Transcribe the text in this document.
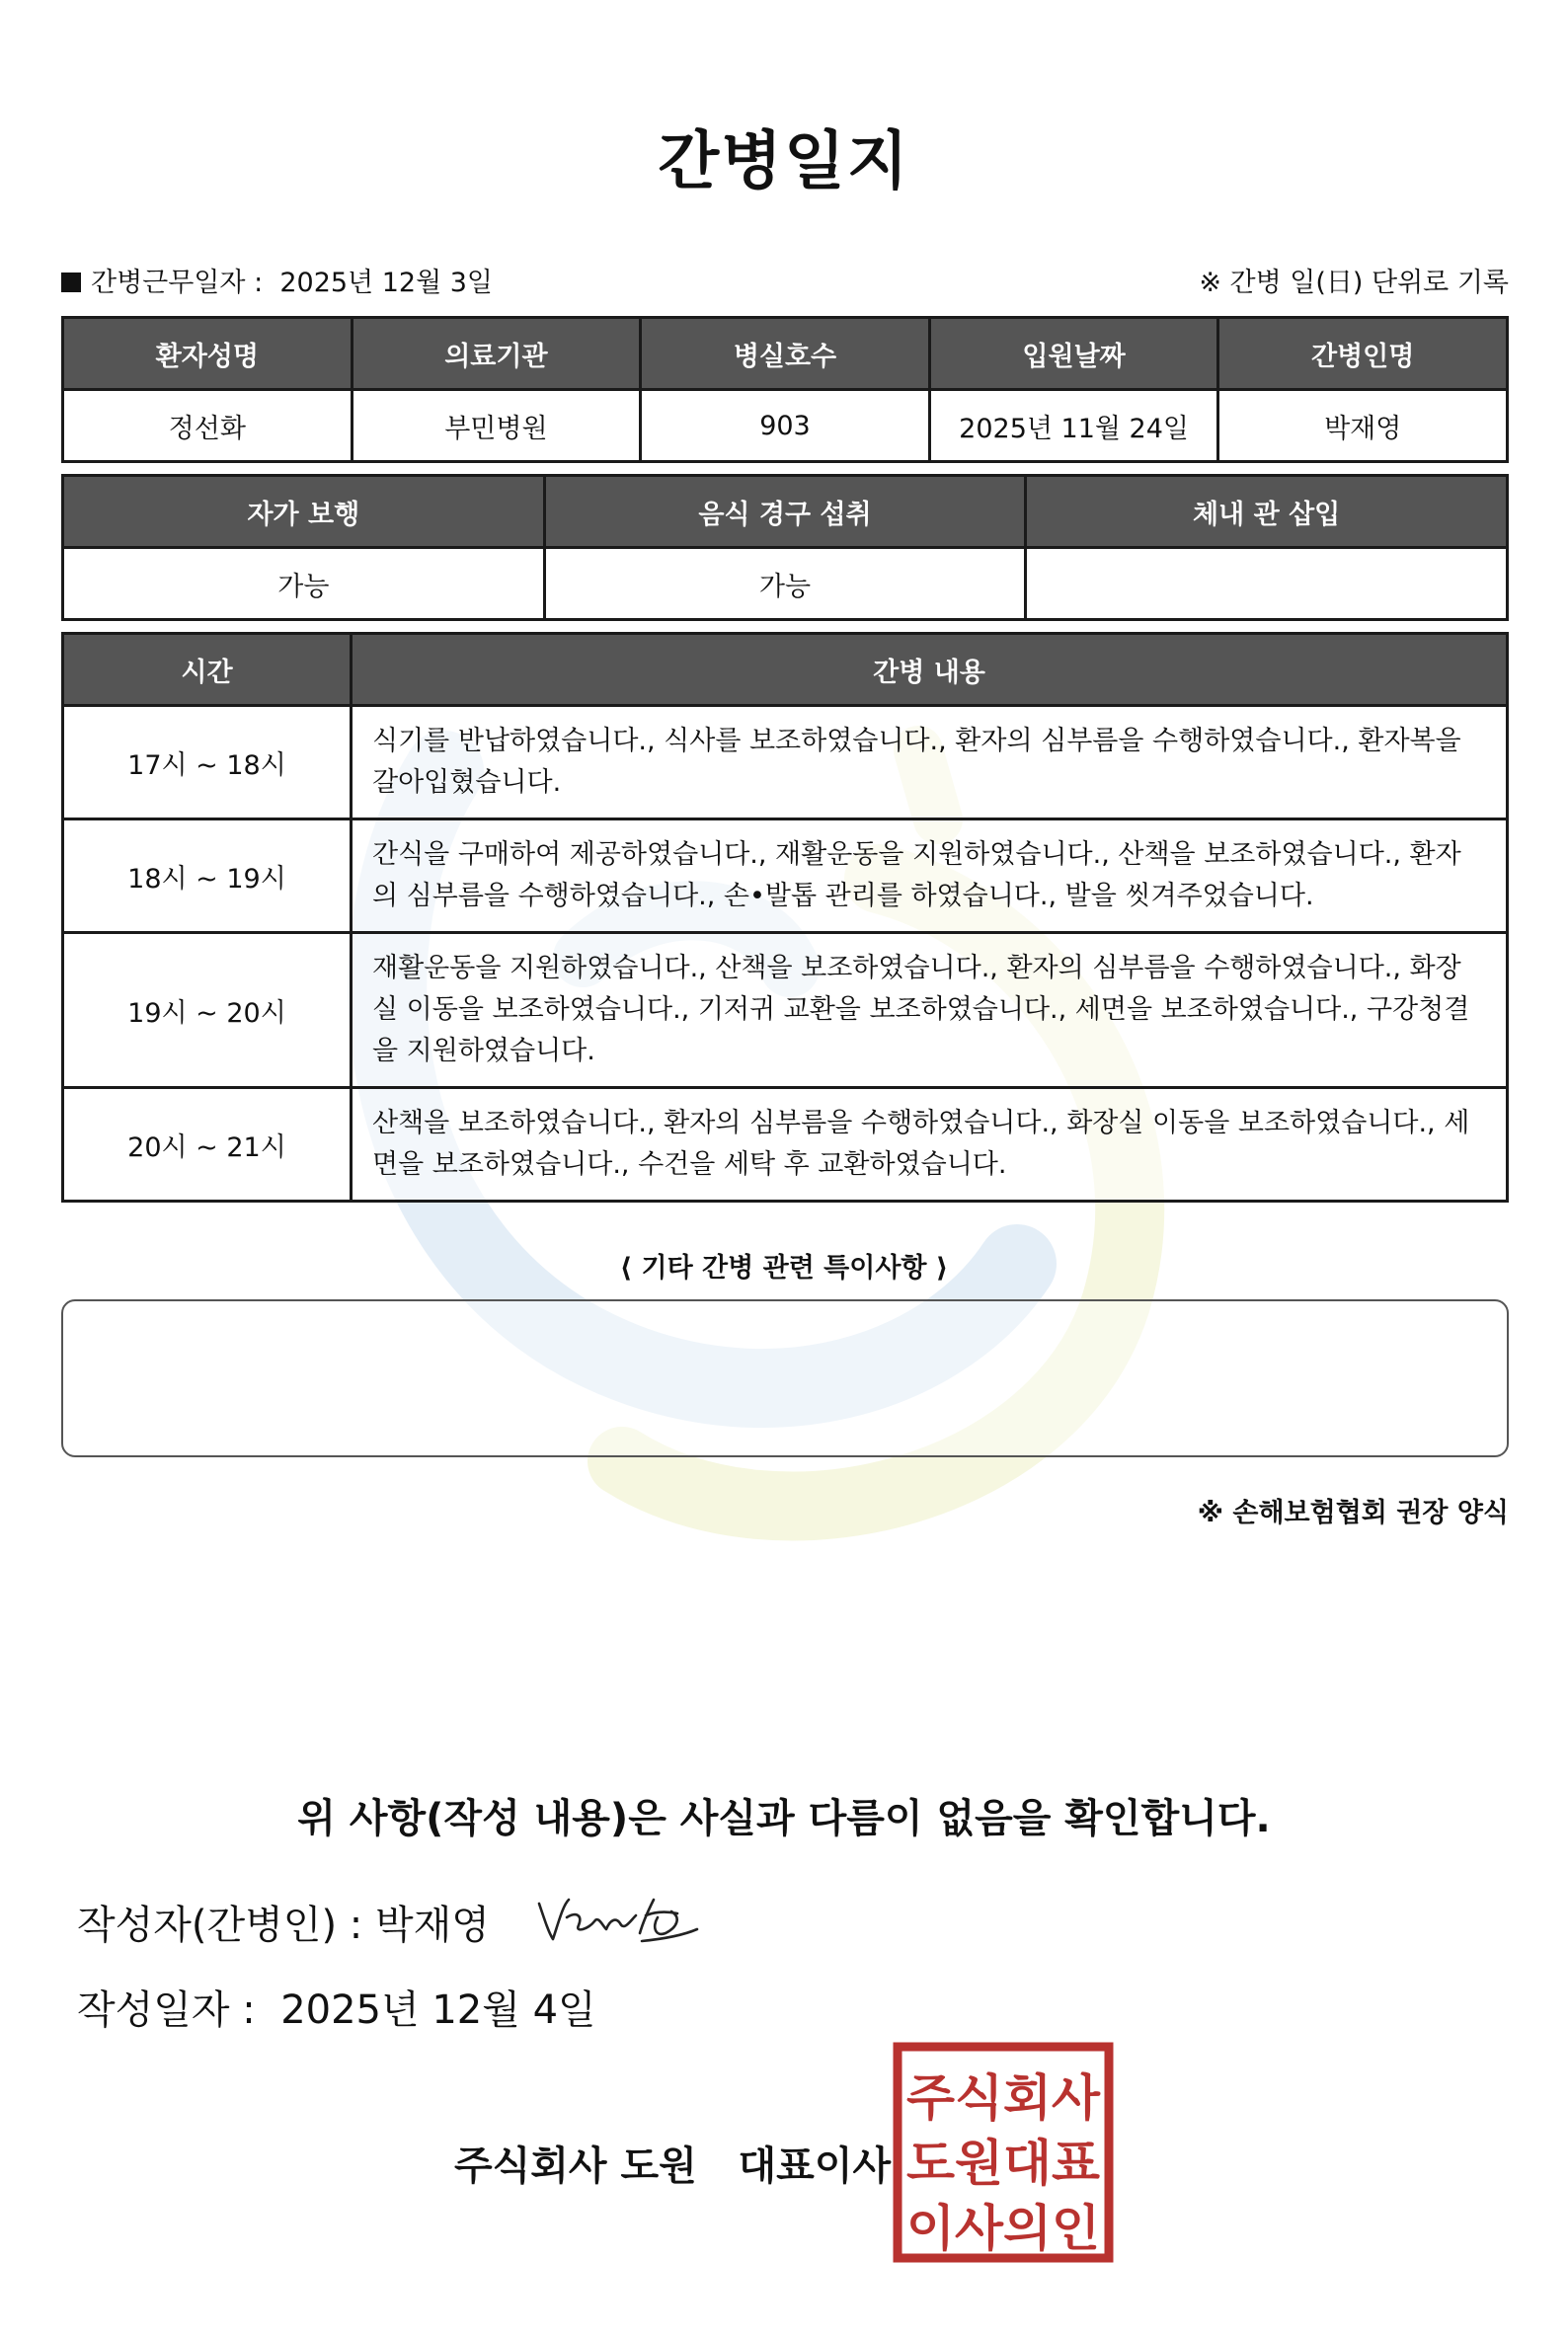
간병일지
간병근무일자 : 2025년 12월 3일	※ 간병 일(日) 단위로 기록
환자성명	의료기관	병실호수	입원날짜	간병인명
정선화	부민병원	903	2025년 11월 24일	박재영
자가 보행	음식 경구 섭취	체내 관 삽입
가능	가능	
시간	간병 내용
17시 ~ 18시	식기를 반납하였습니다., 식사를 보조하였습니다., 환자의 심부름을 수행하였습니다., 환자복을 갈아입혔습니다.
18시 ~ 19시	간식을 구매하여 제공하였습니다., 재활운동을 지원하였습니다., 산책을 보조하였습니다., 환자의 심부름을 수행하였습니다., 손•발톱 관리를 하였습니다., 발을 씻겨주었습니다.
19시 ~ 20시	재활운동을 지원하였습니다., 산책을 보조하였습니다., 환자의 심부름을 수행하였습니다., 화장실 이동을 보조하였습니다., 기저귀 교환을 보조하였습니다., 세면을 보조하였습니다., 구강청결을 지원하였습니다.
20시 ~ 21시	산책을 보조하였습니다., 환자의 심부름을 수행하였습니다., 화장실 이동을 보조하였습니다., 세면을 보조하였습니다., 수건을 세탁 후 교환하였습니다.
⟨ 기타 간병 관련 특이사항 ⟩
※ 손해보험협회 권장 양식
위 사항(작성 내용)은 사실과 다름이 없음을 확인합니다.
작성자(간병인) : 박재영
작성일자 : 2025년 12월 4일
주식회사 도원   대표이사
주식회사
도원대표
이사의인
